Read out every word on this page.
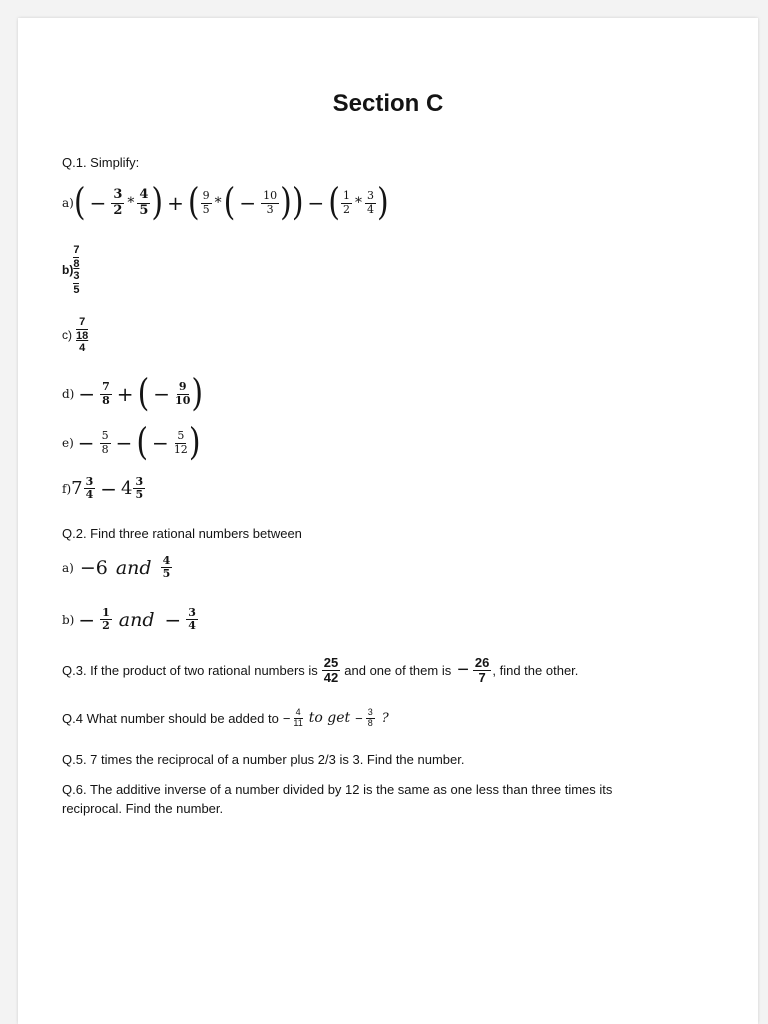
Section C
Q.1. Simplify:
a) ( − $\frac{3}{2} * \frac{4}{5}$ ) + ( $\frac{9}{5}$ * ( − $\frac{10}{3}$ )) − ( $\frac{1}{2} * \frac{3}{4}$ )
b)
7
8
3
5
c)
7
18
4
$d) - \frac{7}{8}$ + ( − $\frac{9}{10}$ )
$e) - \frac{5}{8}$ − ( − $\frac{5}{12}$ )
f) $7 \frac{3}{4} - 4 \frac{3}{5}$
Q.2. Find three rational numbers between
a) −6 and $\frac{4}{5}$
$b) - \frac{1}{2}$ and − $\frac{3}{4}$
Q.3. If the product of two rational numbers is $\frac{25}{42}$ and one of them is − $\frac{26}{7}$ , find the other.
Q.4 What number should be added to − $\frac{4}{11}$ to get − $\frac{3}{8}$ ?
Q.5. 7 times the reciprocal of a number plus 2/3 is 3. Find the number.
Q.6. The additive inverse of a number divided by 12 is the same as one less than three times its
reciprocal. Find the number.
